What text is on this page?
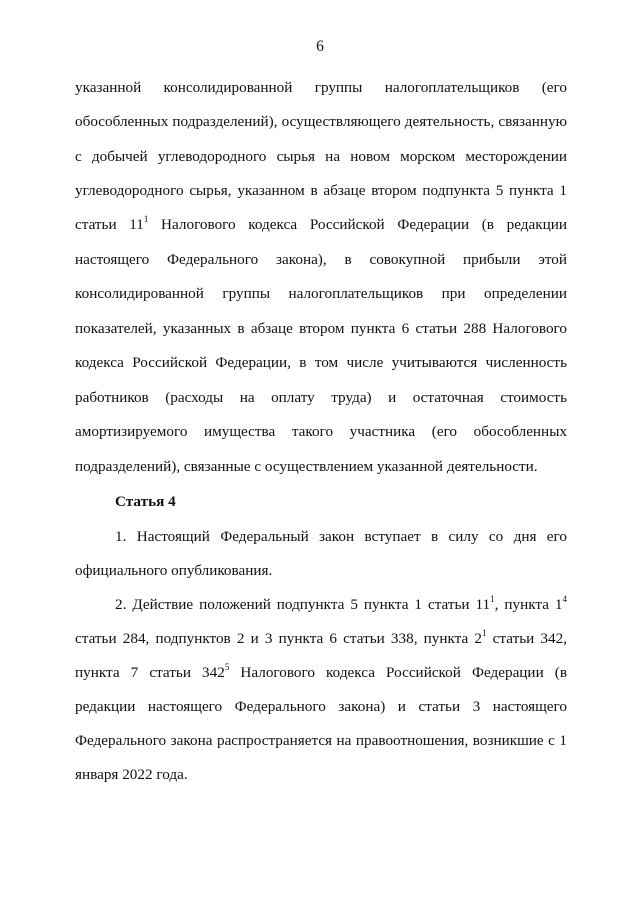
6
указанной консолидированной группы налогоплательщиков (его
обособленных подразделений), осуществляющего деятельность, связанную
с добычей углеводородного сырья на новом морском месторождении
углеводородного сырья, указанном в абзаце втором подпункта 5 пункта 1
статьи $11^1$ Налогового кодекса Российской Федерации (в редакции
настоящего Федерального закона), в совокупной прибыли этой
консолидированной группы налогоплательщиков при определении
показателей, указанных в абзаце втором пункта 6 статьи 288 Налогового
кодекса Российской Федерации, в том числе учитываются численность
работников (расходы на оплату труда) и остаточная стоимость
амортизируемого имущества такого участника (его обособленных
подразделений), связанные с осуществлением указанной деятельности.
Статья 4
1. Настоящий Федеральный закон вступает в силу со дня его
официального опубликования.
2. Действие положений подпункта 5 пункта 1 статьи $11^1$, пункта $1^4$
статьи 284, подпунктов 2 и 3 пункта 6 статьи 338, пункта $2^1$ статьи 342,
пункта 7 статьи $342^5$ Налогового кодекса Российской Федерации (в
редакции настоящего Федерального закона) и статьи 3 настоящего
Федерального закона распространяется на правоотношения, возникшие с 1
января 2022 года.
